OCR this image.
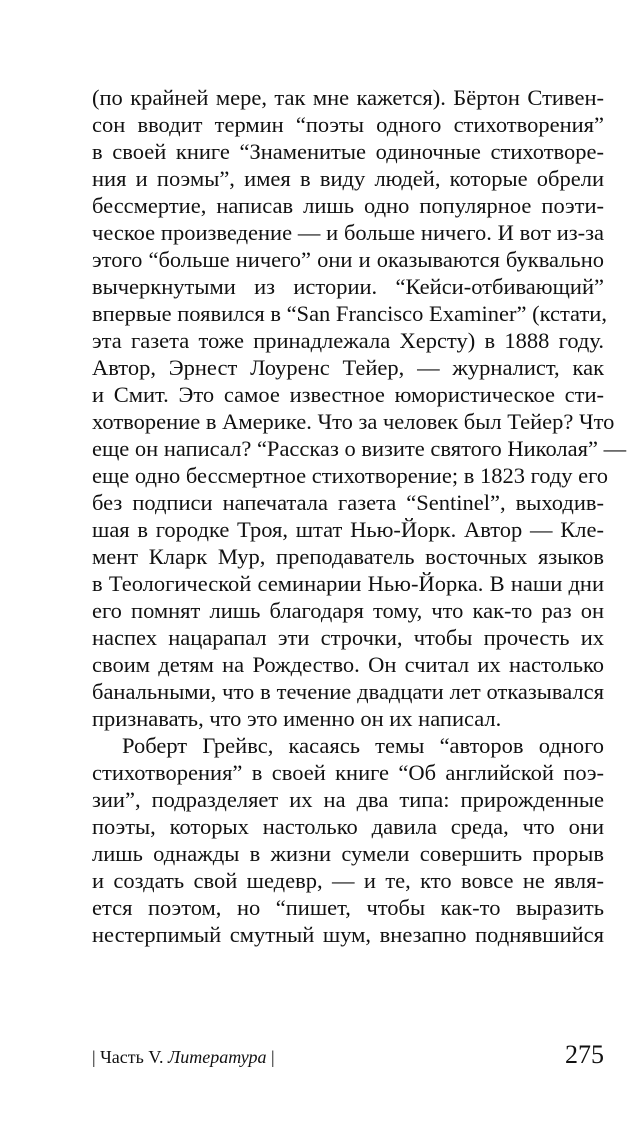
(по крайней мере, так мне кажется). Бёртон Стивен-
сон вводит термин “поэты одного стихотворения”
в своей книге “Знаменитые одиночные стихотворе-
ния и поэмы”, имея в виду людей, которые обрели
бессмертие, написав лишь одно популярное поэти-
ческое произведение — и больше ничего. И вот из-за
этого “больше ничего” они и оказываются буквально
вычеркнутыми из истории. “Кейси-отбивающий”
впервые появился в “San Francisco Examiner” (кстати,
эта газета тоже принадлежала Херсту) в 1888 году.
Автор, Эрнест Лоуренс Тейер, — журналист, как
и Смит. Это самое известное юмористическое сти-
хотворение в Америке. Что за человек был Тейер? Что
еще он написал? “Рассказ о визите святого Николая” —
еще одно бессмертное стихотворение; в 1823 году его
без подписи напечатала газета “Sentinel”, выходив-
шая в городке Троя, штат Нью-Йорк. Автор — Кле-
мент Кларк Мур, преподаватель восточных языков
в Теологической семинарии Нью-Йорка. В наши дни
его помнят лишь благодаря тому, что как-то раз он
наспех нацарапал эти строчки, чтобы прочесть их
своим детям на Рождество. Он считал их настолько
банальными, что в течение двадцати лет отказывался
признавать, что это именно он их написал.
Роберт Грейвс, касаясь темы “авторов одного
стихотворения” в своей книге “Об английской поэ-
зии”, подразделяет их на два типа: прирожденные
поэты, которых настолько давила среда, что они
лишь однажды в жизни сумели совершить прорыв
и создать свой шедевр, — и те, кто вовсе не явля-
ется поэтом, но “пишет, чтобы как-то выразить
нестерпимый смутный шум, внезапно поднявшийся
| Часть V. Литература |	275
